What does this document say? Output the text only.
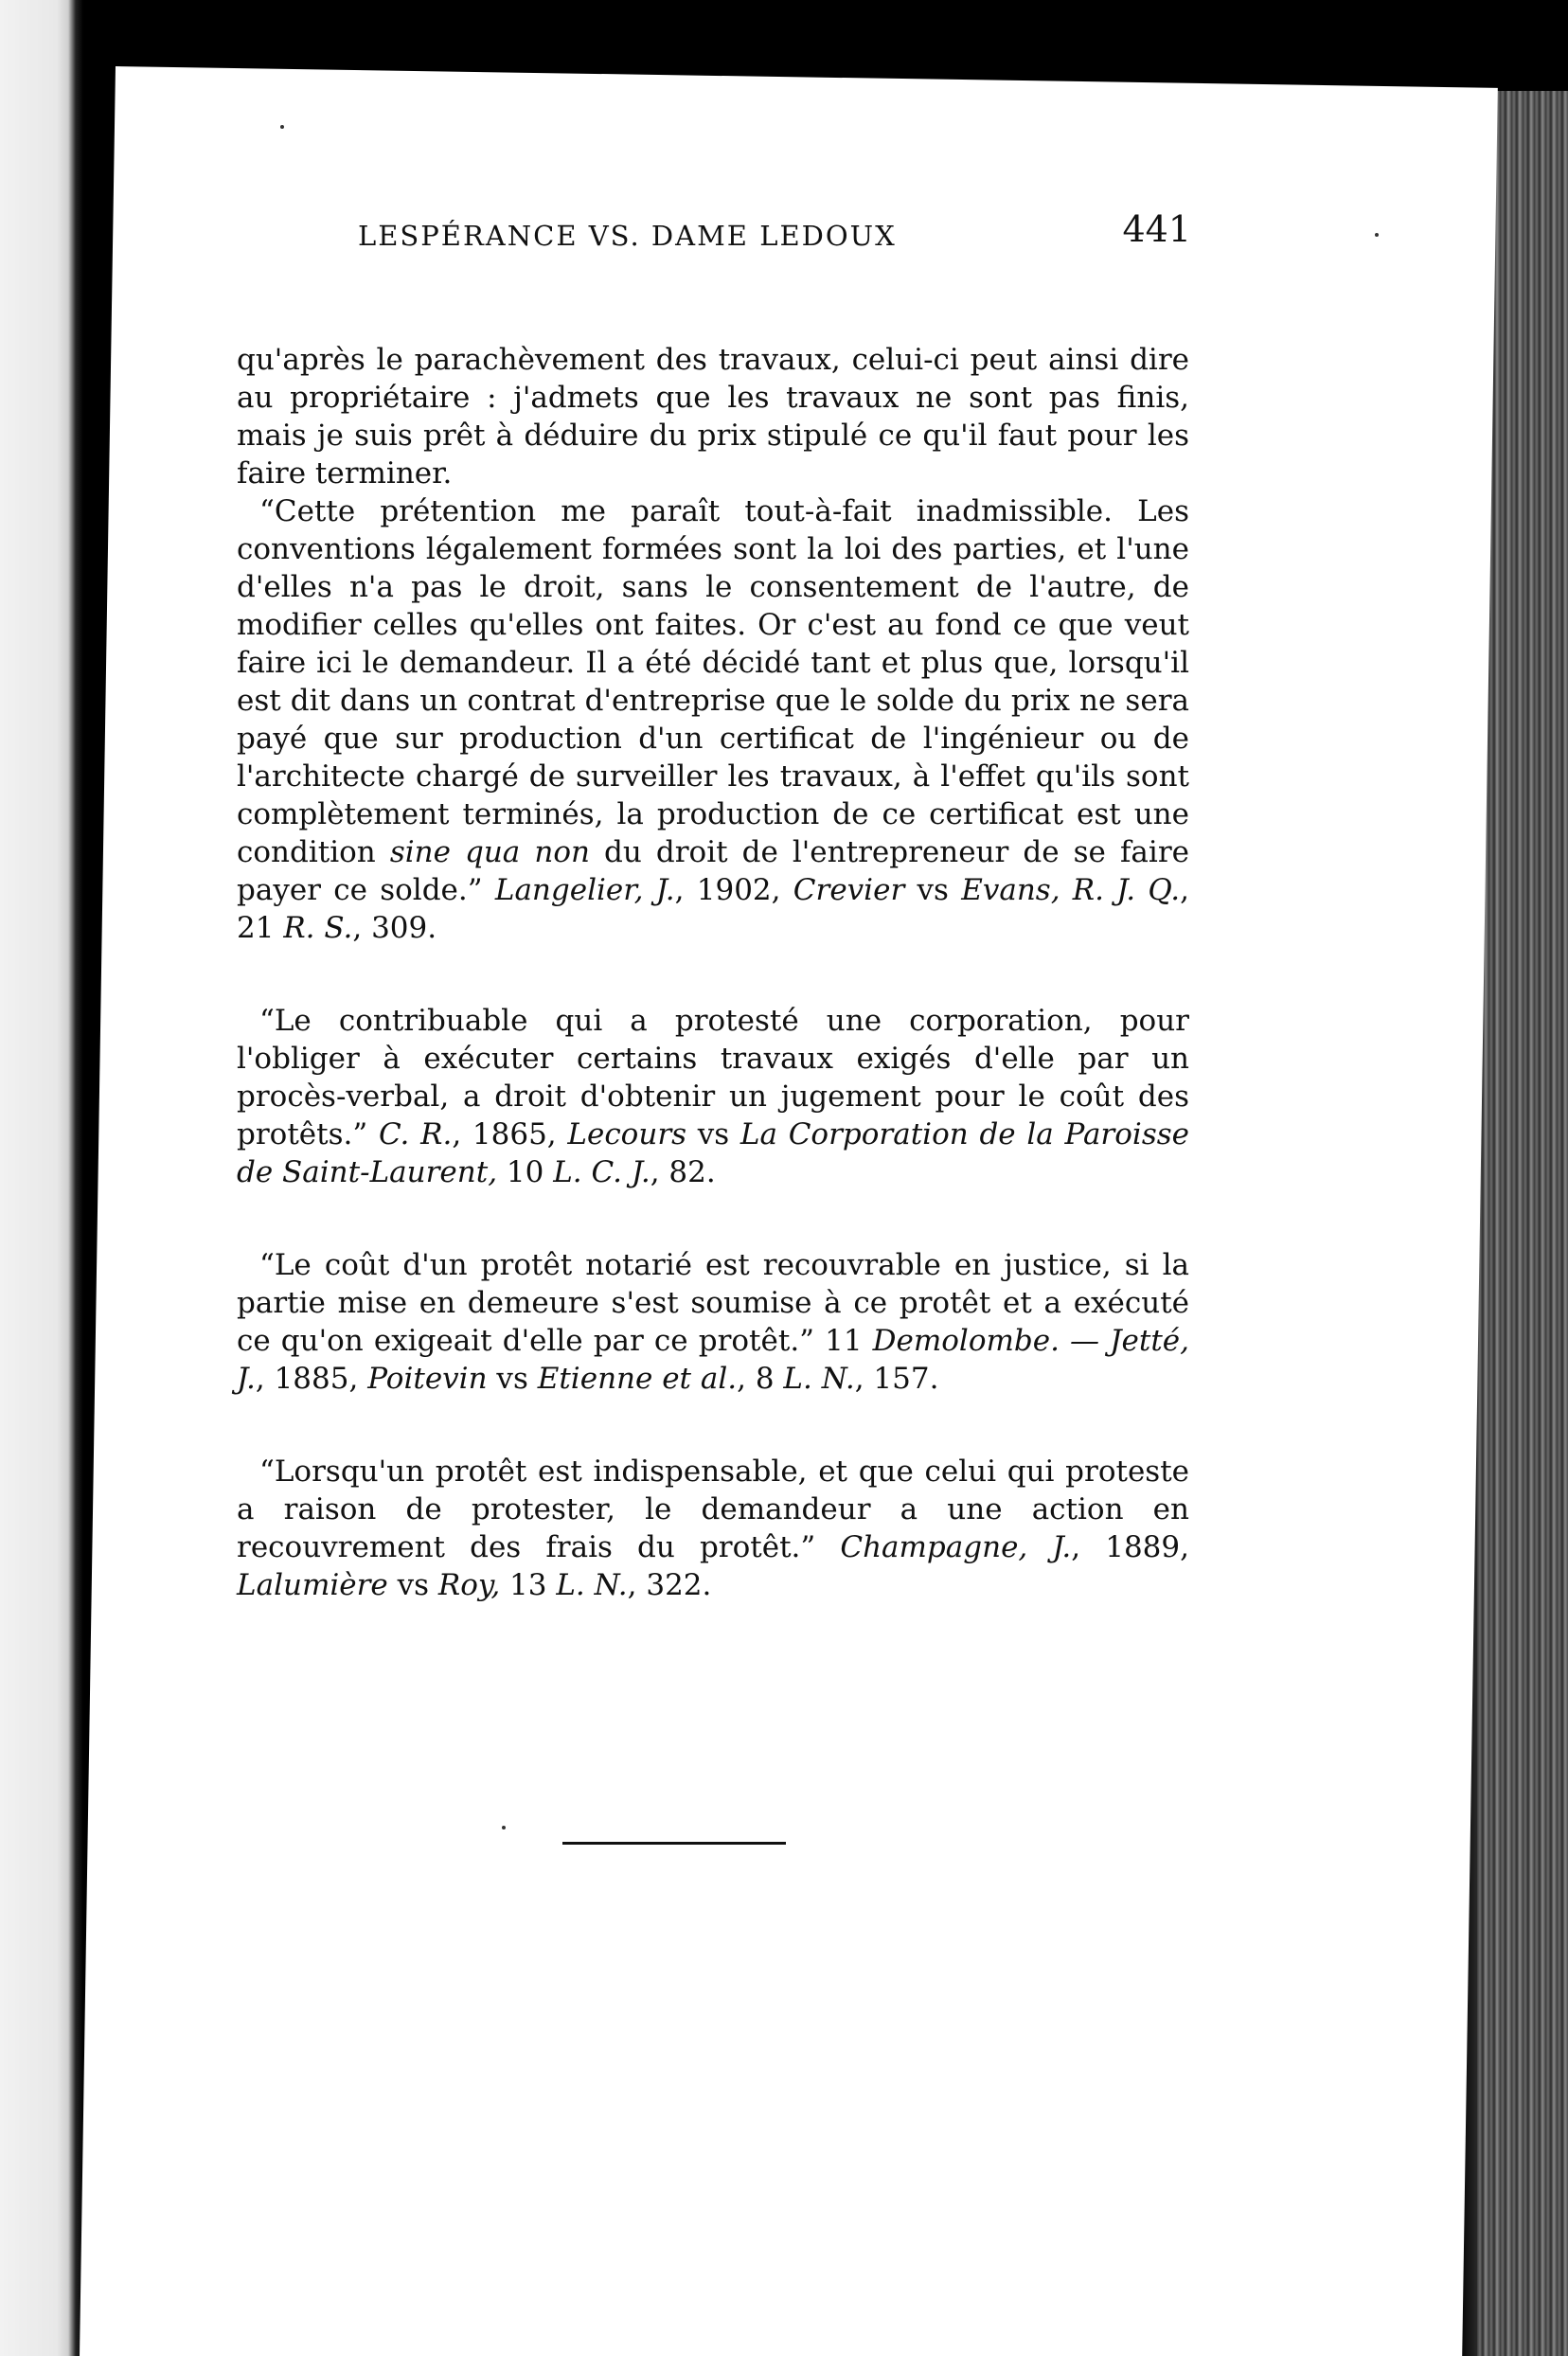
LESPÉRANCE VS. DAME LEDOUX	441

qu'après le parachèvement des travaux, celui-ci peut ainsi dire au propriétaire : j'admets que les travaux ne sont pas finis, mais je suis prêt à déduire du prix stipulé ce qu'il faut pour les faire terminer.

“Cette prétention me paraît tout-à-fait inadmissible. Les conventions légalement formées sont la loi des parties, et l'une d'elles n'a pas le droit, sans le consentement de l'autre, de modifier celles qu'elles ont faites. Or c'est au fond ce que veut faire ici le demandeur. Il a été décidé tant et plus que, lorsqu'il est dit dans un contrat d'entreprise que le solde du prix ne sera payé que sur production d'un certificat de l'ingénieur ou de l'architecte chargé de surveiller les travaux, à l'effet qu'ils sont complètement terminés, la production de ce certificat est une condition sine qua non du droit de l'entrepreneur de se faire payer ce solde.” Langelier, J., 1902, Crevier vs Evans, R. J. Q., 21 R. S., 309.

“Le contribuable qui a protesté une corporation, pour l'obliger à exécuter certains travaux exigés d'elle par un procès-verbal, a droit d'obtenir un jugement pour le coût des protêts.” C. R., 1865, Lecours vs La Corporation de la Paroisse de Saint-Laurent, 10 L. C. J., 82.

“Le coût d'un protêt notarié est recouvrable en justice, si la partie mise en demeure s'est soumise à ce protêt et a exécuté ce qu'on exigeait d'elle par ce protêt.” 11 Demolombe. — Jetté, J., 1885, Poitevin vs Etienne et al., 8 L. N., 157.

“Lorsqu'un protêt est indispensable, et que celui qui proteste a raison de protester, le demandeur a une action en recouvrement des frais du protêt.” Champagne, J., 1889, Lalumière vs Roy, 13 L. N., 322.
